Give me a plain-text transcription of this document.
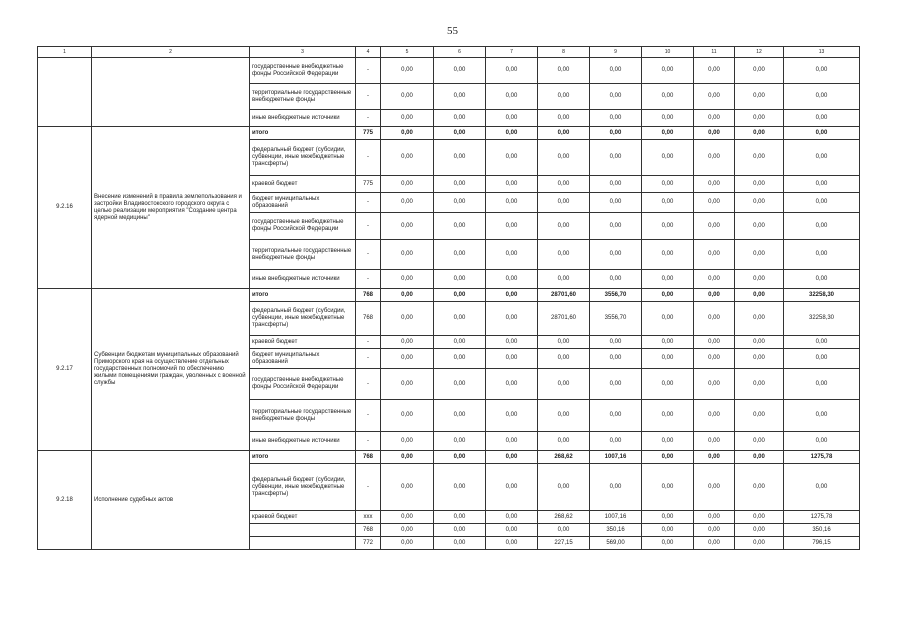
55
1	2	3	4	5	6	7	8	9	10	11	12	13
		государственные внебюджетные фонды Российской Федерации	-	0,00	0,00	0,00	0,00	0,00	0,00	0,00	0,00	0,00
		территориальные государственные внебюджетные фонды	-	0,00	0,00	0,00	0,00	0,00	0,00	0,00	0,00	0,00
		иные внебюджетные источники	-	0,00	0,00	0,00	0,00	0,00	0,00	0,00	0,00	0,00
9.2.16	Внесение изменений в правила землепользования и застройки Владивостокского городского округа с целью реализации мероприятия "Создание центра ядерной медицины"	итого	775	0,00	0,00	0,00	0,00	0,00	0,00	0,00	0,00	0,00
		федеральный бюджет (субсидии, субвенции, иные межбюджетные трансферты)	-	0,00	0,00	0,00	0,00	0,00	0,00	0,00	0,00	0,00
		краевой бюджет	775	0,00	0,00	0,00	0,00	0,00	0,00	0,00	0,00	0,00
		бюджет муниципальных образований	-	0,00	0,00	0,00	0,00	0,00	0,00	0,00	0,00	0,00
		государственные внебюджетные фонды Российской Федерации	-	0,00	0,00	0,00	0,00	0,00	0,00	0,00	0,00	0,00
		территориальные государственные внебюджетные фонды	-	0,00	0,00	0,00	0,00	0,00	0,00	0,00	0,00	0,00
		иные внебюджетные источники	-	0,00	0,00	0,00	0,00	0,00	0,00	0,00	0,00	0,00
9.2.17	Субвенции бюджетам муниципальных образований Приморского края на осуществление отдельных государственных полномочий по обеспечению жилыми помещениями граждан, уволенных с военной службы	итого	768	0,00	0,00	0,00	28701,60	3556,70	0,00	0,00	0,00	32258,30
		федеральный бюджет (субсидии, субвенции, иные межбюджетные трансферты)	768	0,00	0,00	0,00	28701,60	3556,70	0,00	0,00	0,00	32258,30
		краевой бюджет	-	0,00	0,00	0,00	0,00	0,00	0,00	0,00	0,00	0,00
		бюджет муниципальных образований	-	0,00	0,00	0,00	0,00	0,00	0,00	0,00	0,00	0,00
		государственные внебюджетные фонды Российской Федерации	-	0,00	0,00	0,00	0,00	0,00	0,00	0,00	0,00	0,00
		территориальные государственные внебюджетные фонды	-	0,00	0,00	0,00	0,00	0,00	0,00	0,00	0,00	0,00
		иные внебюджетные источники	-	0,00	0,00	0,00	0,00	0,00	0,00	0,00	0,00	0,00
9.2.18	Исполнение судебных актов	итого	768	0,00	0,00	0,00	268,62	1007,16	0,00	0,00	0,00	1275,78
		федеральный бюджет (субсидии, субвенции, иные межбюджетные трансферты)	-	0,00	0,00	0,00	0,00	0,00	0,00	0,00	0,00	0,00
		краевой бюджет	xxx	0,00	0,00	0,00	268,62	1007,16	0,00	0,00	0,00	1275,78
			768	0,00	0,00	0,00	0,00	350,16	0,00	0,00	0,00	350,16
			772	0,00	0,00	0,00	227,15	569,00	0,00	0,00	0,00	796,15
